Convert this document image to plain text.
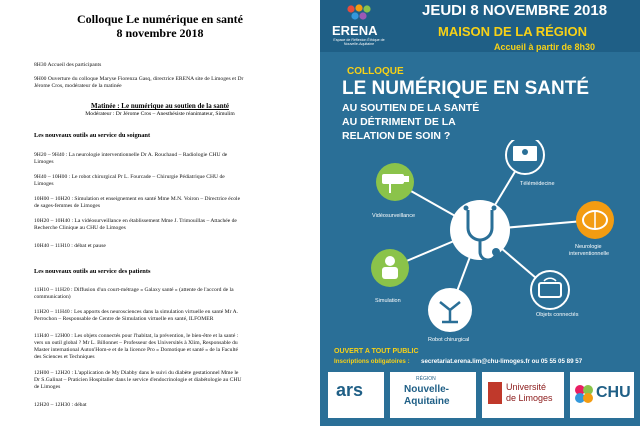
Colloque Le numérique en santé
8 novembre 2018
8H30 Accueil des participants
9H00 Ouverture du colloque Maryse Fiorenza Gasq, directrice ERENA site de Limoges et Dr
Jérome Cros, modérateur de la matinée
Matinée : Le numérique au soutien de la santé
Modérateur : Dr Jérome Cros – Anesthésiste réanimateur, Simulim
Les nouveaux outils au service du soignant
9H20 – 9H40 : La neurologie interventionnelle Dr A. Rouchaud – Radiologie CHU de
Limoges
9H40 – 10H00 : Le robot chirurgical Pr L. Fourcade – Chirurgie Pédiatrique CHU de
Limoges
10H00 – 10H20 : Simulation et enseignement en santé Mme M.N. Voiron – Directrice école
de sages-femmes de Limoges
10H20 – 10H40 : La vidéosurveillance en établissement Mme J. Trimouillas – Attachée de
Recherche Clinique au CHU de Limoges
10H40 – 11H10 : débat et pause
Les nouveaux outils au service des patients
11H10 – 11H20 : Diffusion d'un court-métrage « Galaxy santé » (attente de l'accord de la
communication)
11H20 – 11H40 : Les apports des neurosciences dans la simulation virtuelle en santé Mr A.
Perrochon – Responsable de Centre de Simulation virtuelle en santé, ILFOMER
11H40 – 12H00 : Les objets connectés pour l'habitat, la prévention, le bien-être et la santé :
vers un outil global ? Mr L. Billonnet – Professeur des Universités à Xlim, Responsable du
Master international Auton'Hom-e et de la licence Pro « Domotique et santé » de la Faculté
des Sciences et Techniques
12H00 – 12H20 : L'application de My Diabby dans le suivi du diabète gestationnel Mme le
Dr S.Galinat – Praticien Hospitalier dans le service d'endocrinologie et diabétologie au CHU
de Limoges
12H20 – 12H30 : débat
ERENA
Espace de Réflexion Éthique de Nouvelle-Aquitaine
JEUDI 8 NOVEMBRE 2018
MAISON DE LA RÉGION
Accueil à partir de 8h30
COLLOQUE
LE NUMÉRIQUE EN SANTÉ
AU SOUTIEN DE LA SANTÉ
AU DÉTRIMENT DE LA
RELATION DE SOIN ?
Vidéosurveillance
Télémédecine
Neurologie
interventionnelle
Simulation
Robot chirurgical
Objets connectés
OUVERT A TOUT PUBLIC
Inscriptions obligatoires : secretariat.erena.lim@chu-limoges.fr ou 05 55 05 89 57
ars
RÉGION
Nouvelle-
Aquitaine
Université
de Limoges	CHU
